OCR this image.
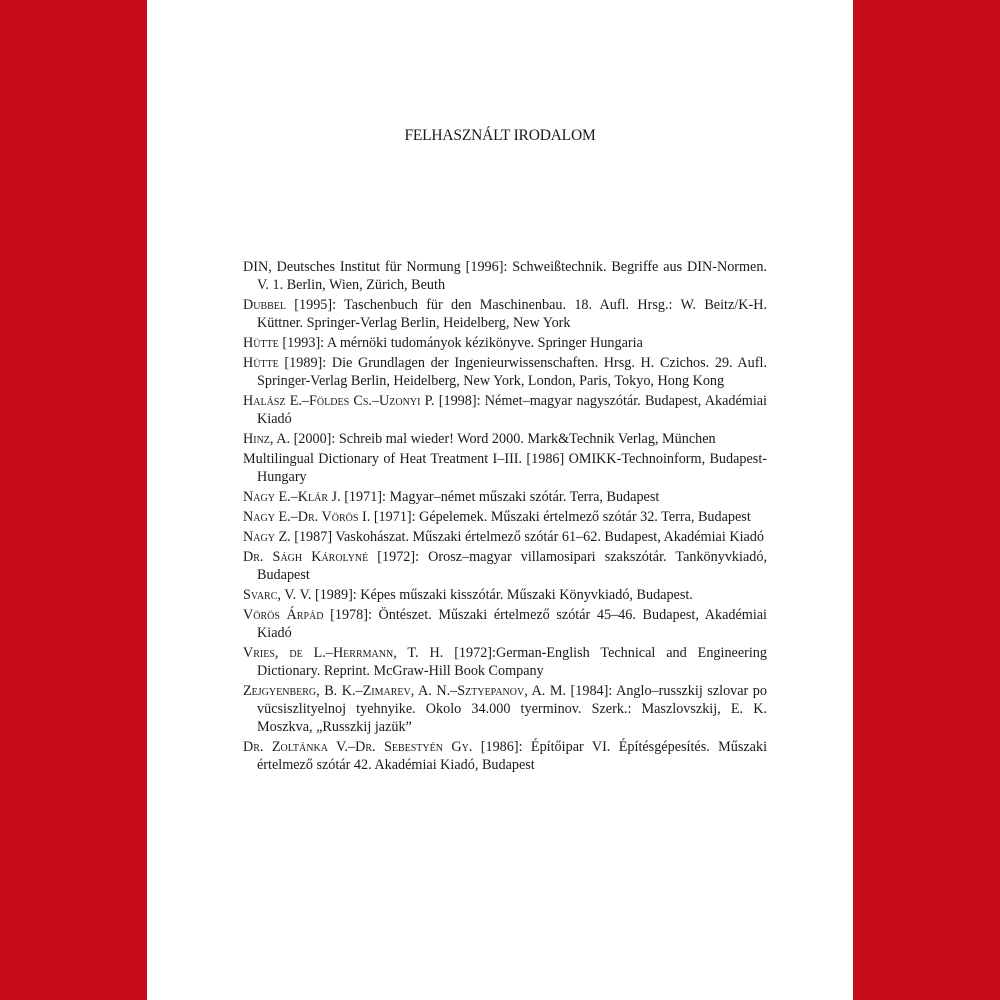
FELHASZNÁLT IRODALOM
DIN, Deutsches Institut für Normung [1996]: Schweißtechnik. Begriffe aus DIN-Normen. V. 1. Berlin, Wien, Zürich, Beuth
Dubbel [1995]: Taschenbuch für den Maschinenbau. 18. Aufl. Hrsg.: W. Beitz/K-H. Küttner. Springer-Verlag Berlin, Heidelberg, New York
Hütte [1993]: A mérnöki tudományok kézikönyve. Springer Hungaria
Hütte [1989]: Die Grundlagen der Ingenieurwissenschaften. Hrsg. H. Czichos. 29. Aufl. Springer-Verlag Berlin, Heidelberg, New York, London, Paris, Tokyo, Hong Kong
Halász E.–Földes Cs.–Uzonyi P. [1998]: Német–magyar nagyszótár. Budapest, Akadémiai Kiadó
Hinz, A. [2000]: Schreib mal wieder! Word 2000. Mark&Technik Verlag, München
Multilingual Dictionary of Heat Treatment I–III. [1986] OMIKK-Technoinform, Budapest-Hungary
Nagy E.–Klár J. [1971]: Magyar–német műszaki szótár. Terra, Budapest
Nagy E.–Dr. Vörös I. [1971]: Gépelemek. Műszaki értelmező szótár 32. Terra, Budapest
Nagy Z. [1987] Vaskohászat. Műszaki értelmező szótár 61–62. Budapest, Akadémiai Kiadó
Dr. Ságh Károlyné [1972]: Orosz–magyar villamosipari szakszótár. Tankönyvkiadó, Budapest
Svarc, V. V. [1989]: Képes műszaki kisszótár. Műszaki Könyvkiadó, Budapest.
Vörös Árpád [1978]: Öntészet. Műszaki értelmező szótár 45–46. Budapest, Akadémiai Kiadó
Vries, de L.–Herrmann, T. H. [1972]:German-English Technical and Engineering Dictionary. Reprint. McGraw-Hill Book Company
Zejgyenberg, B. K.–Zimarev, A. N.–Sztyepanov, A. M. [1984]: Anglo–russzkij szlovar po vücsiszlityelnoj tyehnyike. Okolo 34.000 tyerminov. Szerk.: Maszlovszkij, E. K. Moszkva, „Russzkij jazük”
Dr. Zoltánka V.–Dr. Sebestyén Gy. [1986]: Építőipar VI. Építésgépesítés. Műszaki értelmező szótár 42. Akadémiai Kiadó, Budapest
